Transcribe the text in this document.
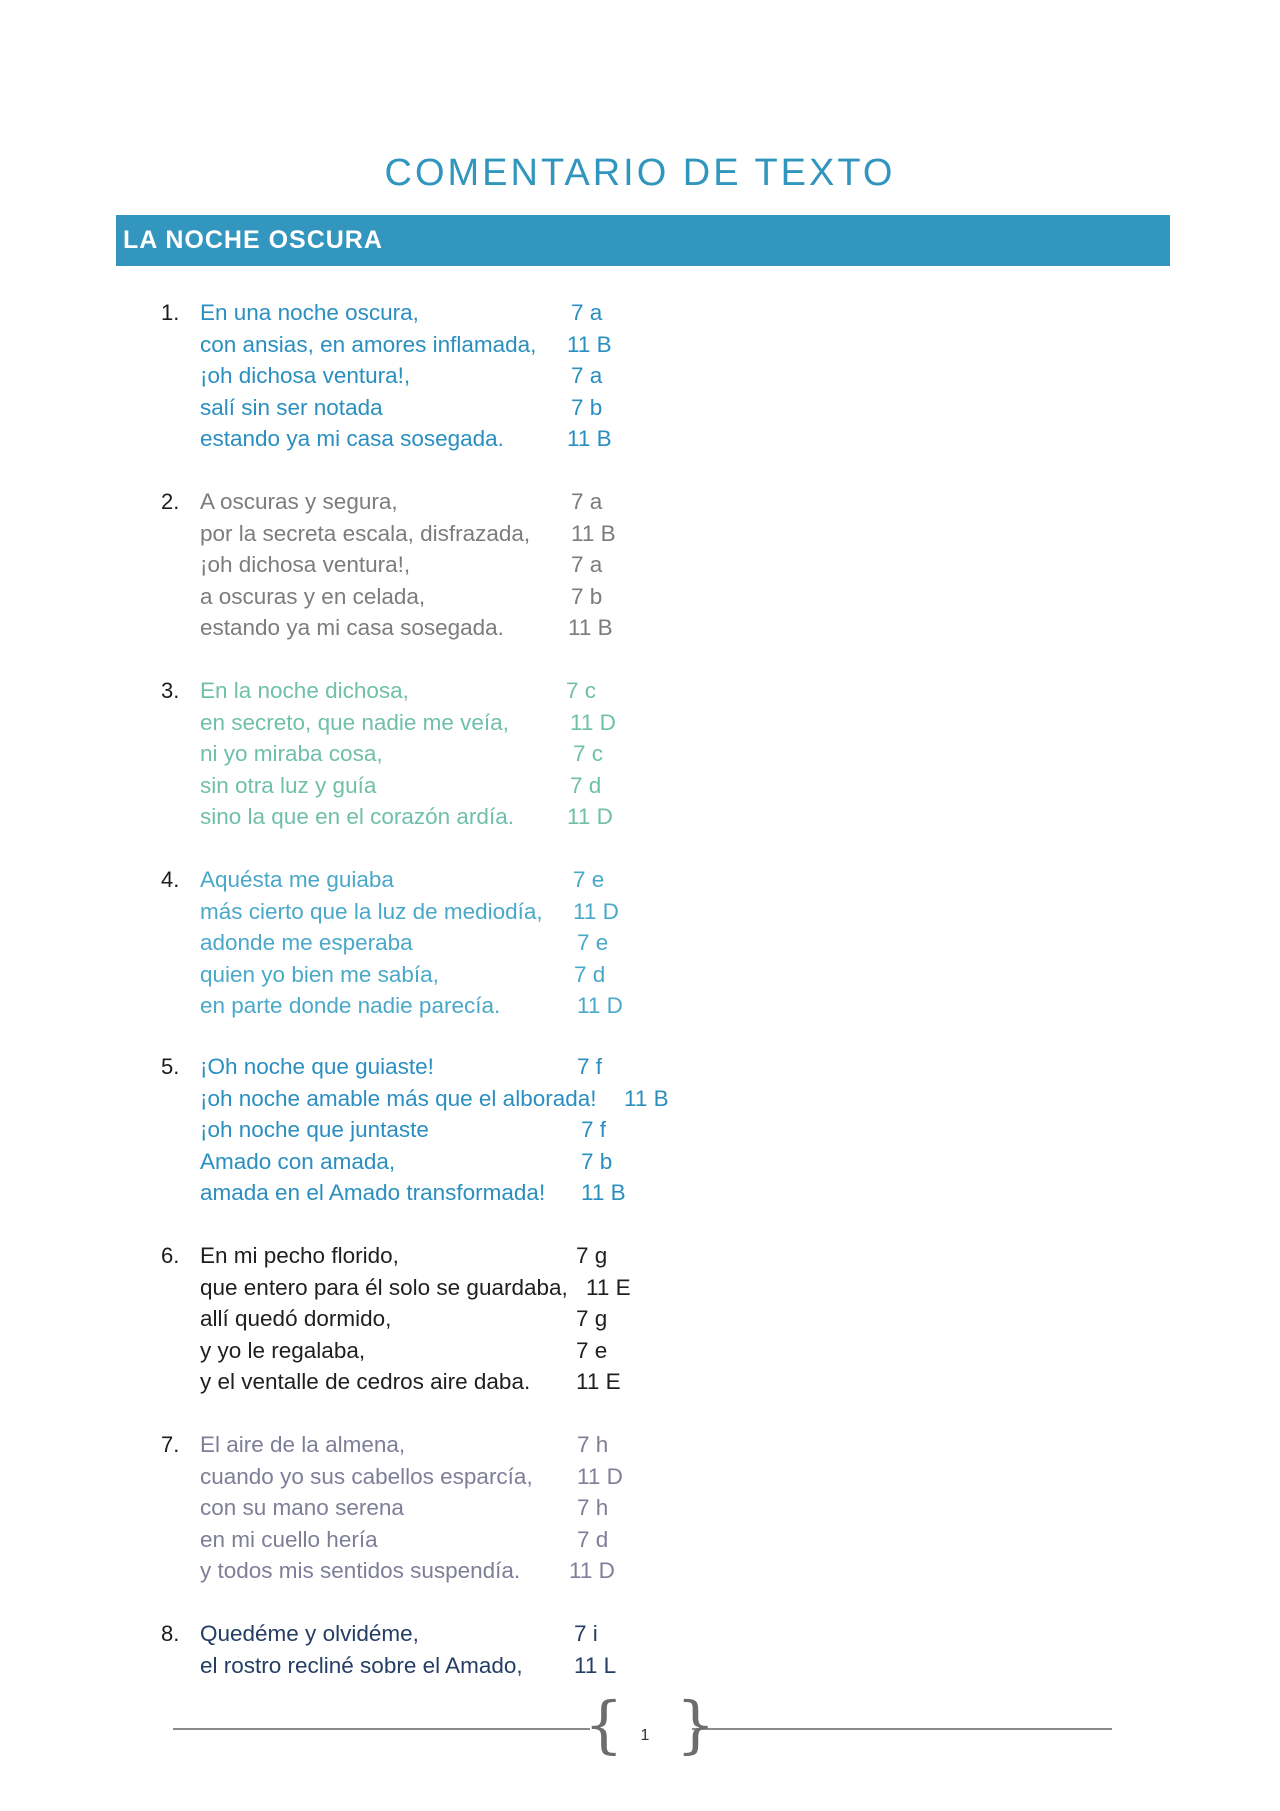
COMENTARIO DE TEXTO
LA NOCHE OSCURA
1. En una noche oscura,	7 a
con ansias, en amores inflamada, 11 B
¡oh dichosa ventura!,	7 a
salí sin ser notada	7 b
estando ya mi casa sosegada.	11 B
2. A oscuras y segura,	7 a
por la secreta escala, disfrazada, 11 B
¡oh dichosa ventura!,	7 a
a oscuras y en celada,	7 b
estando ya mi casa sosegada.	11 B
3. En la noche dichosa,	7 c
en secreto, que nadie me veía,	11 D
ni yo miraba cosa,	7 c
sin otra luz y guía	7 d
sino la que en el corazón ardía. 11 D
4. Aquésta me guiaba	7 e
más cierto que la luz de mediodía, 11 D
adonde me esperaba	7 e
quien yo bien me sabía,	7 d
en parte donde nadie parecía.	11 D
5. ¡Oh noche que guiaste!	7 f
¡oh noche amable más que el alborada! 11 B
¡oh noche que juntaste	7 f
Amado con amada,	7 b
amada en el Amado transformada! 11 B
6. En mi pecho florido,	7 g
que entero para él solo se guardaba, 11 E
allí quedó dormido,	7 g
y yo le regalaba,	7 e
y el ventalle de cedros aire daba. 11 E
7. El aire de la almena,	7 h
cuando yo sus cabellos esparcía, 11 D
con su mano serena	7 h
en mi cuello hería	7 d
y todos mis sentidos suspendía. 11 D
8. Quedéme y olvidéme,	7 i
el rostro recliné sobre el Amado, 11 L
{ }
1
